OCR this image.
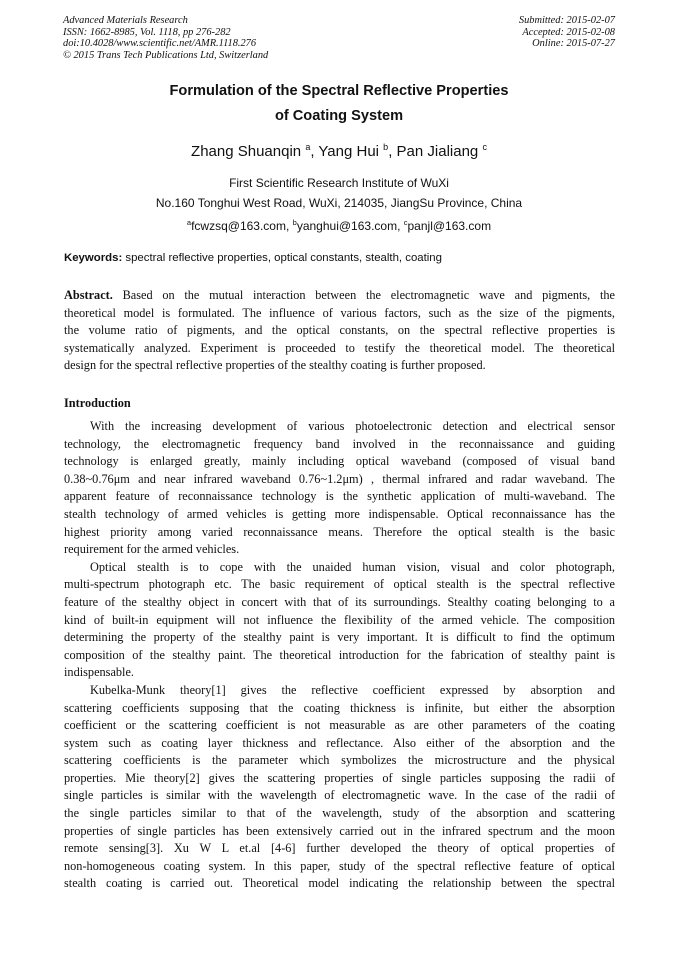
Advanced Materials Research
ISSN: 1662-8985, Vol. 1118, pp 276-282
doi:10.4028/www.scientific.net/AMR.1118.276
© 2015 Trans Tech Publications Ltd, Switzerland
Submitted: 2015-02-07
Accepted: 2015-02-08
Online: 2015-07-27
Formulation of the Spectral Reflective Properties
of Coating System
Zhang Shuanqin $^a$, Yang Hui $^b$, Pan Jialiang $^c$
First Scientific Research Institute of WuXi
No.160 Tonghui West Road, WuXi, 214035, JiangSu Province, China
$^a$fcwzsq@163.com, $^b$yanghui@163.com, $^c$panjl@163.com
Keywords: spectral reflective properties, optical constants, stealth, coating
Abstract. Based on the mutual interaction between the electromagnetic wave and pigments, the
theoretical model is formulated. The influence of various factors, such as the size of the pigments,
the volume ratio of pigments, and the optical constants, on the spectral reflective properties is
systematically analyzed. Experiment is proceeded to testify the theoretical model. The theoretical
design for the spectral reflective properties of the stealthy coating is further proposed.
Introduction
With the increasing development of various photoelectronic detection and electrical sensor
technology, the electromagnetic frequency band involved in the reconnaissance and guiding
technology is enlarged greatly, mainly including optical waveband (composed of visual band
0.38~0.76μm and near infrared waveband 0.76~1.2μm) , thermal infrared and radar waveband. The
apparent feature of reconnaissance technology is the synthetic application of multi-waveband. The
stealth technology of armed vehicles is getting more indispensable. Optical reconnaissance has the
highest priority among varied reconnaissance means. Therefore the optical stealth is the basic
requirement for the armed vehicles.
Optical stealth is to cope with the unaided human vision, visual and color photograph,
multi-spectrum photograph etc. The basic requirement of optical stealth is the spectral reflective
feature of the stealthy object in concert with that of its surroundings. Stealthy coating belonging to a
kind of built-in equipment will not influence the flexibility of the armed vehicle. The composition
determining the property of the stealthy paint is very important. It is difficult to find the optimum
composition of the stealthy paint. The theoretical introduction for the fabrication of stealthy paint is
indispensable.
Kubelka-Munk theory[1] gives the reflective coefficient expressed by absorption and
scattering coefficients supposing that the coating thickness is infinite, but either the absorption
coefficient or the scattering coefficient is not measurable as are other parameters of the coating
system such as coating layer thickness and reflectance. Also either of the absorption and the
scattering coefficients is the parameter which symbolizes the microstructure and the physical
properties. Mie theory[2] gives the scattering properties of single particles supposing the radii of
single particles is similar with the wavelength of electromagnetic wave. In the case of the radii of
the single particles similar to that of the wavelength, study of the absorption and scattering
properties of single particles has been extensively carried out in the infrared spectrum and the moon
remote sensing[3]. Xu W L et.al [4-6] further developed the theory of optical properties of
non-homogeneous coating system. In this paper, study of the spectral reflective feature of optical
stealth coating is carried out. Theoretical model indicating the relationship between the spectral
